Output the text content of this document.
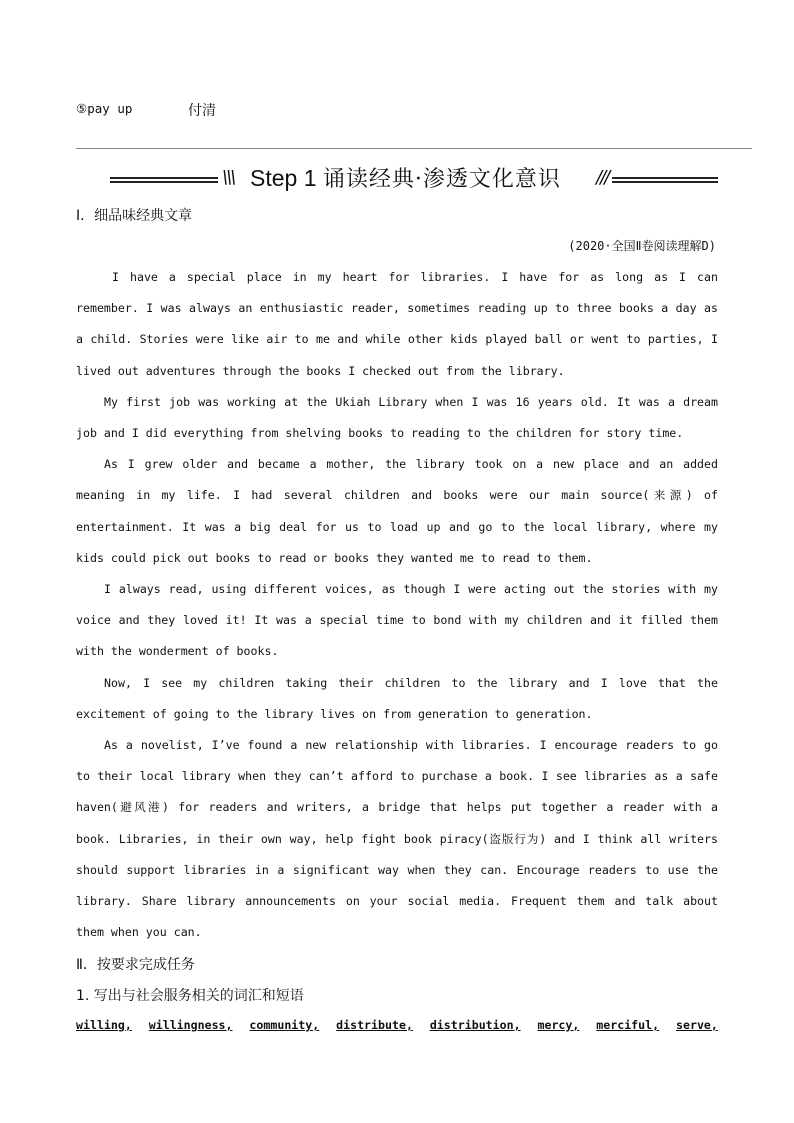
⑤pay up	付清
\\\ Step 1 诵读经典·渗透文化意识 ///
Ⅰ．细品味经典文章
(2020·全国Ⅱ卷阅读理解D)

I have a special place in my heart for libraries. I have for as long as I can remember. I was always an enthusiastic reader, sometimes reading up to three books a day as a child. Stories were like air to me and while other kids played ball or went to parties, I lived out adventures through the books I checked out from the library.

My first job was working at the Ukiah Library when I was 16 years old. It was a dream job and I did everything from shelving books to reading to the children for story time.

As I grew older and became a mother, the library took on a new place and an added meaning in my life. I had several children and books were our main source(来源) of entertainment. It was a big deal for us to load up and go to the local library, where my kids could pick out books to read or books they wanted me to read to them.

I always read, using different voices, as though I were acting out the stories with my voice and they loved it! It was a special time to bond with my children and it filled them with the wonderment of books.

Now, I see my children taking their children to the library and I love that the excitement of going to the library lives on from generation to generation.

As a novelist, I’ve found a new relationship with libraries. I encourage readers to go to their local library when they can’t afford to purchase a book. I see libraries as a safe haven(避风港) for readers and writers, a bridge that helps put together a reader with a book. Libraries, in their own way, help fight book piracy(盗版行为) and I think all writers should support libraries in a significant way when they can. Encourage readers to use the library. Share library announcements on your social media. Frequent them and talk about them when you can.

Ⅱ．按要求完成任务
1. 写出与社会服务相关的词汇和短语
willing, willingness, community, distribute, distribution, mercy, merciful, serve,
